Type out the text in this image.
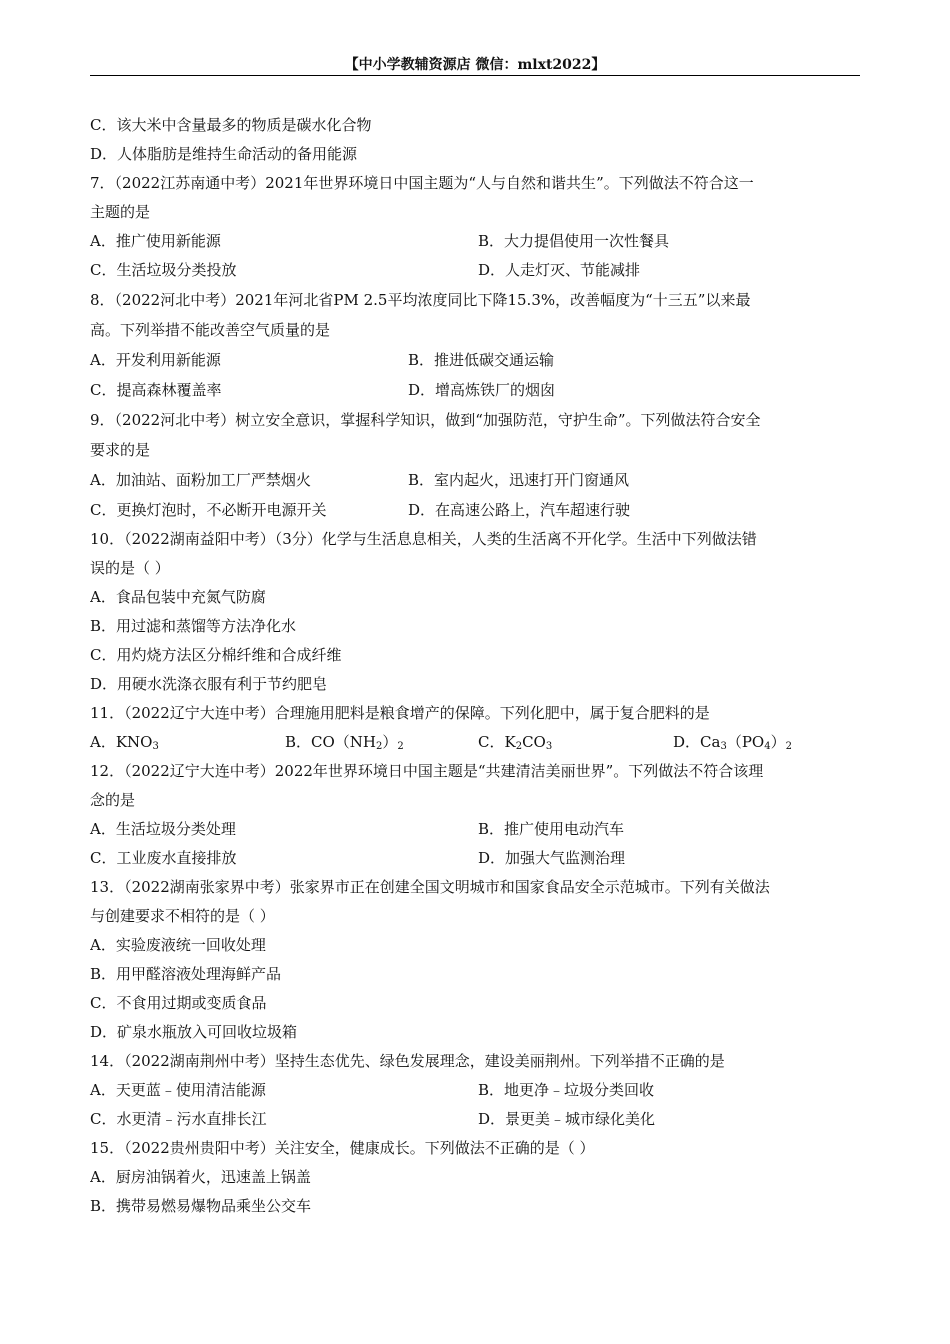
【中小学教辅资源店 微信：mlxt2022】
C．该大米中含量最多的物质是碳水化合物
D．人体脂肪是维持生命活动的备用能源
7．（2022江苏南通中考）2021年世界环境日中国主题为“人与自然和谐共生”。下列做法不符合这一
主题的是
A．推广使用新能源	B．大力提倡使用一次性餐具
C．生活垃圾分类投放	D．人走灯灭、节能减排
8．（2022河北中考）2021年河北省PM 2.5平均浓度同比下降15.3%，改善幅度为“十三五”以来最
高。下列举措不能改善空气质量的是
A．开发利用新能源	B．推进低碳交通运输
C．提高森林覆盖率	D．增高炼铁厂的烟囱
9．（2022河北中考）树立安全意识，掌握科学知识，做到“加强防范，守护生命”。下列做法符合安全
要求的是
A．加油站、面粉加工厂严禁烟火	B．室内起火，迅速打开门窗通风
C．更换灯泡时，不必断开电源开关	D．在高速公路上，汽车超速行驶
10．（2022湖南益阳中考）（3分）化学与生活息息相关，人类的生活离不开化学。生活中下列做法错
误的是（ ）
A．食品包装中充氮气防腐
B．用过滤和蒸馏等方法净化水
C．用灼烧方法区分棉纤维和合成纤维
D．用硬水洗涤衣服有利于节约肥皂
11．（2022辽宁大连中考）合理施用肥料是粮食增产的保障。下列化肥中，属于复合肥料的是
A．$KNO_3$	B．$CO(NH_2)_2$	C．$K_2CO_3$	D．$Ca_3(PO_4)_2$
12．（2022辽宁大连中考）2022年世界环境日中国主题是“共建清洁美丽世界”。下列做法不符合该理
念的是
A．生活垃圾分类处理	B．推广使用电动汽车
C．工业废水直接排放	D．加强大气监测治理
13．（2022湖南张家界中考）张家界市正在创建全国文明城市和国家食品安全示范城市。下列有关做法
与创建要求不相符的是（ ）
A．实验废液统一回收处理
B．用甲醛溶液处理海鲜产品
C．不食用过期或变质食品
D．矿泉水瓶放入可回收垃圾箱
14．（2022湖南荆州中考）坚持生态优先、绿色发展理念，建设美丽荆州。下列举措不正确的是
A．天更蓝﹣使用清洁能源	B．地更净﹣垃圾分类回收
C．水更清﹣污水直排长江	D．景更美﹣城市绿化美化
15．（2022贵州贵阳中考）关注安全，健康成长。下列做法不正确的是（ ）
A．厨房油锅着火，迅速盖上锅盖
B．携带易燃易爆物品乘坐公交车
